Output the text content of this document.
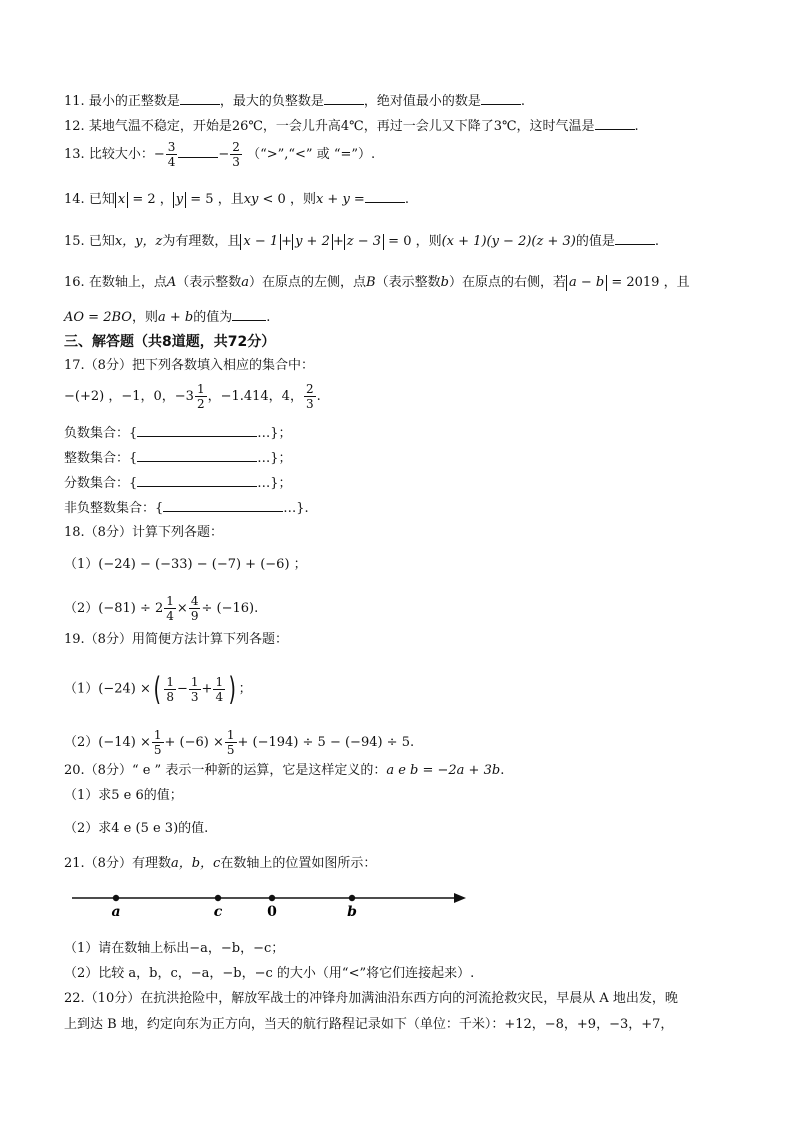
11. 最小的正整数是	，最大的负整数是	，绝对值最小的数是	.
12. 某地气温不稳定，开始是26℃，一会儿升高4℃，再过一会儿又下降了3℃，这时气温是	.
13. 比较大小：− $\frac{3}{4}$	− $\frac{2}{3}$ （“>”,“<” 或 “=”）.
14. 已知 x = 2 ， y = 5 ，且xy < 0 ，则x + y =	.
15. 已知x，y，z为有理数，且 x − 1 + y + 2 + z − 3 = 0 ，则(x + 1)(y − 2)(z + 3)的值是	.
16. 在数轴上，点A（表示整数a）在原点的左侧，点B（表示整数b）在原点的右侧，若 a − b = 2019 ，且
AO = 2BO，则a + b的值为	.
三、解答题（共8道题，共72分）
17.（8分）把下列各数填入相应的集合中：
−(+2) ，−1，0，$-3 \frac{1}{2}$ ，−1.414，4， $\frac{2}{3}$ .
负数集合：{	…}；
整数集合：{	…}；
分数集合：{	…}；
非负整数集合：{	…}.
18.（8分）计算下列各题：
（1）(−24) − (−33) − (−7) + (−6) ；
$(2)(-81) \div 2 \frac{1}{4} \times \frac{4}{9} \div (-16)$.
19.（8分）用简便方法计算下列各题：
（1）(−24) ×( $\frac{1}{8} - \frac{1}{3} + \frac{1}{4}$ ) ；
$(2)(-14) \times \frac{1}{5} + (-6) \times \frac{1}{5} + (-194) \div 5 - (-94) \div 5$.
20.（8分）“ e ” 表示一种新的运算，它是这样定义的：a e b = −2a + 3b.
（1）求5 e 6的值；
（2）求4 e (5 e 3)的值.
21.（8分）有理数a，b，c在数轴上的位置如图所示：
a	c	0	b
（1）请在数轴上标出−a，−b，−c；
（2）比较 a，b，c，−a，−b，−c 的大小（用“<”将它们连接起来）.
22.（10分）在抗洪抢险中，解放军战士的冲锋舟加满油沿东西方向的河流抢救灾民，早晨从 A 地出发，晚
上到达 B 地，约定向东为正方向，当天的航行路程记录如下（单位：千米）：+12，−8，+9，−3，+7，
